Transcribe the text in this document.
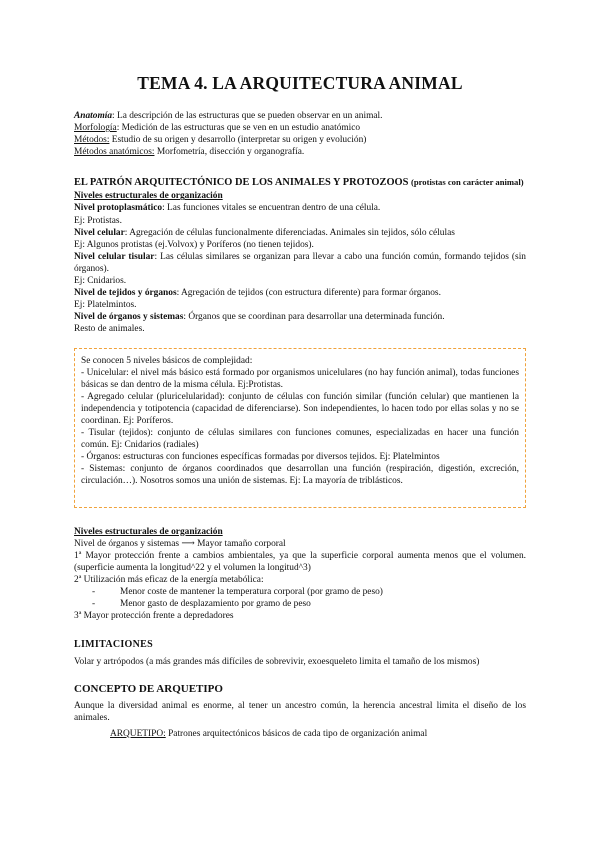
TEMA 4. LA ARQUITECTURA ANIMAL

Anatomía: La descripción de las estructuras que se pueden observar en un animal.

Morfología: Medición de las estructuras que se ven en un estudio anatómico

Métodos: Estudio de su origen y desarrollo (interpretar su origen y evolución)

Métodos anatómicos: Morfometría, disección y organografía.

EL PATRÓN ARQUITECTÓNICO DE LOS ANIMALES Y PROTOZOOS (protistas con carácter animal)

Niveles estructurales de organización

Nivel protoplasmático: Las funciones vitales se encuentran dentro de una célula.

Ej: Protistas.

Nivel celular: Agregación de células funcionalmente diferenciadas. Animales sin tejidos, sólo células

Ej: Algunos protistas (ej.Volvox) y Poríferos (no tienen tejidos).

Nivel celular tisular: Las células similares se organizan para llevar a cabo una función común, formando tejidos (sin órganos).

Ej: Cnidarios.

Nivel de tejidos y órganos: Agregación de tejidos (con estructura diferente) para formar órganos.

Ej: Platelmintos.

Nivel de órganos y sistemas: Órganos que se coordinan para desarrollar una determinada función.

Resto de animales.

Se conocen 5 niveles básicos de complejidad:

- Unicelular: el nivel más básico está formado por organismos unicelulares (no hay función animal), todas funciones básicas se dan dentro de la misma célula. Ej:Protistas.

- Agregado celular (pluricelularidad): conjunto de células con función similar (función celular) que mantienen la independencia y totipotencia (capacidad de diferenciarse). Son independientes, lo hacen todo por ellas solas y no se coordinan. Ej: Poríferos.

- Tisular (tejidos): conjunto de células similares con funciones comunes, especializadas en hacer una función común. Ej: Cnidarios (radiales)

- Órganos: estructuras con funciones específicas formadas por diversos tejidos. Ej: Platelmintos

- Sistemas: conjunto de órganos coordinados que desarrollan una función (respiración, digestión, excreción, circulación…). Nosotros somos una unión de sistemas. Ej: La mayoría de triblásticos.

Niveles estructurales de organización

Nivel de órganos y sistemas ⟶ Mayor tamaño corporal

1ª Mayor protección frente a cambios ambientales, ya que la superficie corporal aumenta menos que el volumen. (superficie aumenta la longitud^22 y el volumen la longitud^3)

2ª Utilización más eficaz de la energía metabólica:

-	Menor coste de mantener la temperatura corporal (por gramo de peso)
-	Menor gasto de desplazamiento por gramo de peso

3ª Mayor protección frente a depredadores

LIMITACIONES

Volar y artrópodos (a más grandes más difíciles de sobrevivir, exoesqueleto limita el tamaño de los mismos)

CONCEPTO DE ARQUETIPO

Aunque la diversidad animal es enorme, al tener un ancestro común, la herencia ancestral limita el diseño de los animales.

ARQUETIPO: Patrones arquitectónicos básicos de cada tipo de organización animal
